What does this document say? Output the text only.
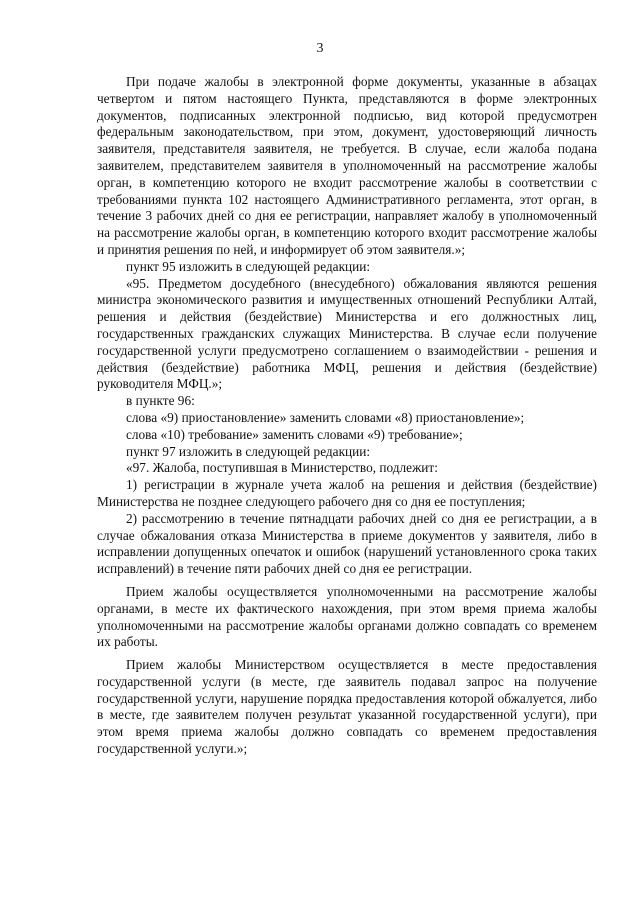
3

При подаче жалобы в электронной форме документы, указанные в абзацах четвертом и пятом настоящего Пункта, представляются в форме электронных документов, подписанных электронной подписью, вид которой предусмотрен федеральным законодательством, при этом, документ, удостоверяющий личность заявителя, представителя заявителя, не требуется. В случае, если жалоба подана заявителем, представителем заявителя в уполномоченный на рассмотрение жалобы орган, в компетенцию которого не входит рассмотрение жалобы в соответствии с требованиями пункта 102 настоящего Административного регламента, этот орган, в течение 3 рабочих дней со дня ее регистрации, направляет жалобу в уполномоченный на рассмотрение жалобы орган, в компетенцию которого входит рассмотрение жалобы и принятия решения по ней, и информирует об этом заявителя.»;

пункт 95 изложить в следующей редакции:

«95. Предметом досудебного (внесудебного) обжалования являются решения министра экономического развития и имущественных отношений Республики Алтай, решения и действия (бездействие) Министерства и его должностных лиц, государственных гражданских служащих Министерства. В случае если получение государственной услуги предусмотрено соглашением о взаимодействии - решения и действия (бездействие) работника МФЦ, решения и действия (бездействие) руководителя МФЦ.»;

в пункте 96:

слова «9) приостановление» заменить словами «8) приостановление»;

слова «10) требование» заменить словами «9) требование»;

пункт 97 изложить в следующей редакции:

«97. Жалоба, поступившая в Министерство, подлежит:

1) регистрации в журнале учета жалоб на решения и действия (бездействие) Министерства не позднее следующего рабочего дня со дня ее поступления;

2) рассмотрению в течение пятнадцати рабочих дней со дня ее регистрации, а в случае обжалования отказа Министерства в приеме документов у заявителя, либо в исправлении допущенных опечаток и ошибок (нарушений установленного срока таких исправлений) в течение пяти рабочих дней со дня ее регистрации.

Прием жалобы осуществляется уполномоченными на рассмотрение жалобы органами, в месте их фактического нахождения, при этом время приема жалобы уполномоченными на рассмотрение жалобы органами должно совпадать со временем их работы.

Прием жалобы Министерством осуществляется в месте предоставления государственной услуги (в месте, где заявитель подавал запрос на получение государственной услуги, нарушение порядка предоставления которой обжалуется, либо в месте, где заявителем получен результат указанной государственной услуги), при этом время приема жалобы должно совпадать со временем предоставления государственной услуги.»;
